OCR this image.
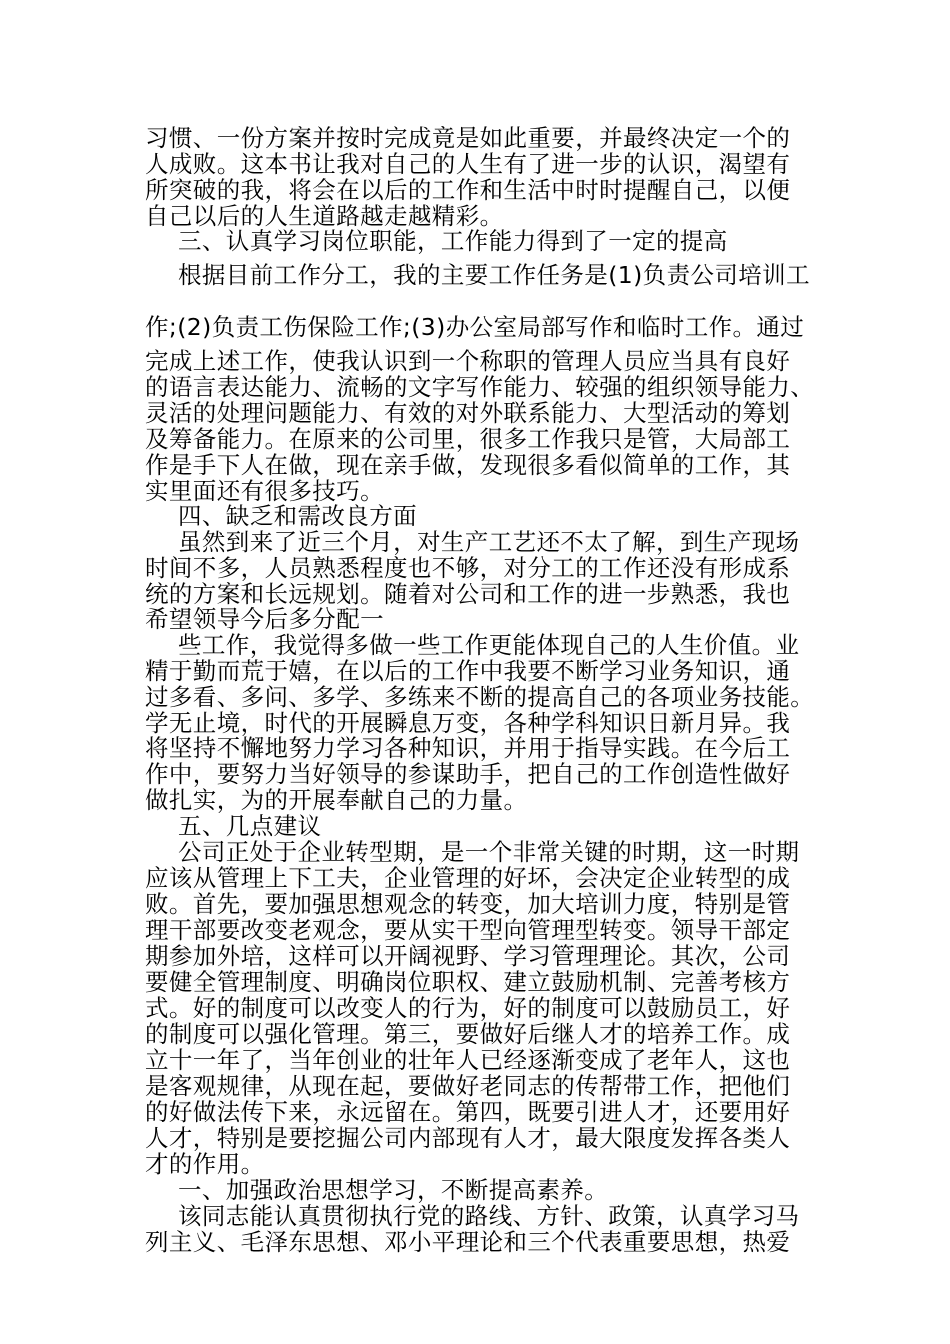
习惯、一份方案并按时完成竟是如此重要，并最终决定一个的

人成败。这本书让我对自己的人生有了进一步的认识，渴望有

所突破的我，将会在以后的工作和生活中时时提醒自己，以便

自己以后的人生道路越走越精彩。

三、认真学习岗位职能，工作能力得到了一定的提高

根据目前工作分工，我的主要工作任务是(1)负责公司培训工

作;(2)负责工伤保险工作;(3)办公室局部写作和临时工作。通过

完成上述工作，使我认识到一个称职的管理人员应当具有良好

的语言表达能力、流畅的文字写作能力、较强的组织领导能力、

灵活的处理问题能力、有效的对外联系能力、大型活动的筹划

及筹备能力。在原来的公司里，很多工作我只是管，大局部工

作是手下人在做，现在亲手做，发现很多看似简单的工作，其

实里面还有很多技巧。

四、缺乏和需改良方面

虽然到来了近三个月，对生产工艺还不太了解，到生产现场

时间不多，人员熟悉程度也不够，对分工的工作还没有形成系

统的方案和长远规划。随着对公司和工作的进一步熟悉，我也

希望领导今后多分配一

些工作，我觉得多做一些工作更能体现自己的人生价值。业

精于勤而荒于嬉，在以后的工作中我要不断学习业务知识，通

过多看、多问、多学、多练来不断的提高自己的各项业务技能。

学无止境，时代的开展瞬息万变，各种学科知识日新月异。我

将坚持不懈地努力学习各种知识，并用于指导实践。在今后工

作中，要努力当好领导的参谋助手，把自己的工作创造性做好

做扎实，为的开展奉献自己的力量。

五、几点建议

公司正处于企业转型期，是一个非常关键的时期，这一时期

应该从管理上下工夫，企业管理的好坏，会决定企业转型的成

败。首先，要加强思想观念的转变，加大培训力度，特别是管

理干部要改变老观念，要从实干型向管理型转变。领导干部定

期参加外培，这样可以开阔视野、学习管理理论。其次，公司

要健全管理制度、明确岗位职权、建立鼓励机制、完善考核方

式。好的制度可以改变人的行为，好的制度可以鼓励员工，好

的制度可以强化管理。第三，要做好后继人才的培养工作。成

立十一年了，当年创业的壮年人已经逐渐变成了老年人，这也

是客观规律，从现在起，要做好老同志的传帮带工作，把他们

的好做法传下来，永远留在。第四，既要引进人才，还要用好

人才，特别是要挖掘公司内部现有人才，最大限度发挥各类人

才的作用。

一、加强政治思想学习，不断提高素养。

该同志能认真贯彻执行党的路线、方针、政策，认真学习马

列主义、毛泽东思想、邓小平理论和三个代表重要思想，热爱
